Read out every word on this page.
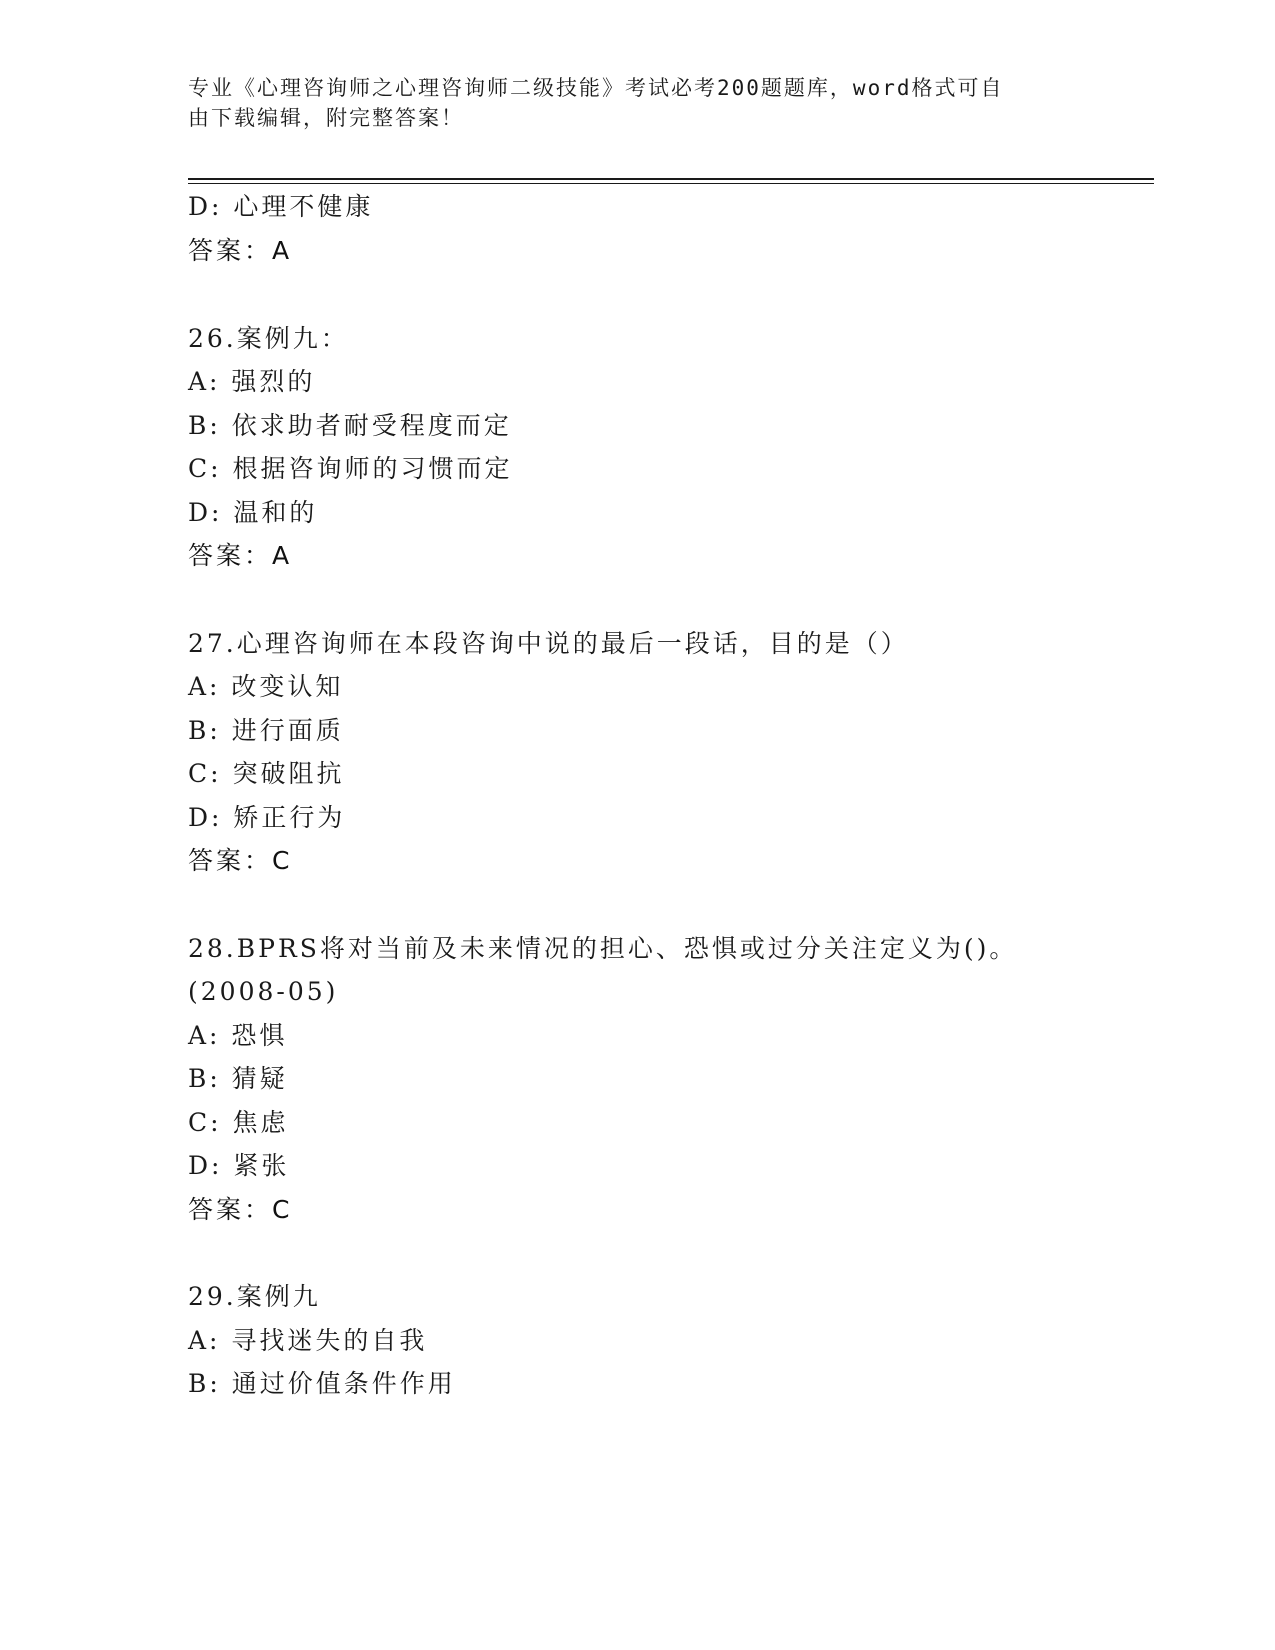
专业《心理咨询师之心理咨询师二级技能》考试必考200题题库，word格式可自

由下载编辑，附完整答案！

D: 心理不健康
答案：A
26.案例九：
A: 强烈的
B: 依求助者耐受程度而定
C: 根据咨询师的习惯而定
D: 温和的
答案：A
27.心理咨询师在本段咨询中说的最后一段话，目的是（）
A: 改变认知
B: 进行面质
C: 突破阻抗
D: 矫正行为
答案：C
28.BPRS将对当前及未来情况的担心、恐惧或过分关注定义为()。
(2008-05)
A: 恐惧
B: 猜疑
C: 焦虑
D: 紧张
答案：C
29.案例九
A: 寻找迷失的自我
B: 通过价值条件作用
